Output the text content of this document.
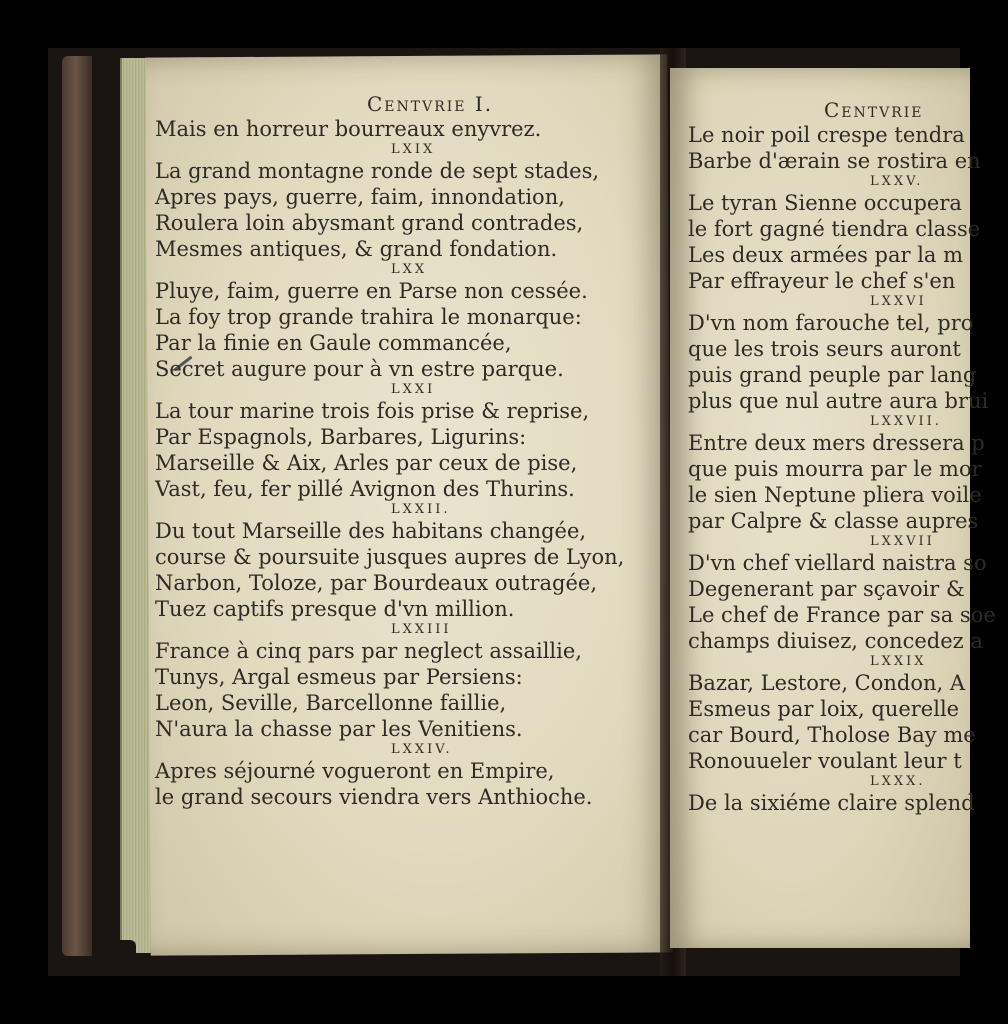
Centvrie I.
Mais en horreur bourreaux enyvrez.
LXIX
La grand montagne ronde de sept stades,
Apres pays, guerre, faim, innondation,
Roulera loin abysmant grand contrades,
Mesmes antiques, & grand fondation.
LXX
Pluye, faim, guerre en Parse non cessée.
La foy trop grande trahira le monarque:
Par la finie en Gaule commancée,
Secret augure pour à vn estre parque.
LXXI
La tour marine trois fois prise & reprise,
Par Espagnols, Barbares, Ligurins:
Marseille & Aix, Arles par ceux de pise,
Vast, feu, fer pillé Avignon des Thurins.
LXXII.
Du tout Marseille des habitans changée,
course & poursuite jusques aupres de Lyon,
Narbon, Toloze, par Bourdeaux outragée,
Tuez captifs presque d'vn million.
LXXIII
France à cinq pars par neglect assaillie,
Tunys, Argal esmeus par Persiens:
Leon, Seville, Barcellonne faillie,
N'aura la chasse par les Venitiens.
LXXIV.
Apres séjourné vogueront en Empire,
le grand secours viendra vers Anthioche.
Centvrie
Le noir poil crespe tendra
Barbe d'ærain se rostira en
LXXV.
Le tyran Sienne occupera
le fort gagné tiendra classe
Les deux armées par la m
Par effrayeur le chef s'en
LXXVI
D'vn nom farouche tel, pro
que les trois seurs auront
puis grand peuple par lang
plus que nul autre aura brui
LXXVII.
Entre deux mers dressera p
que puis mourra par le mor
le sien Neptune pliera voile
par Calpre & classe aupres
LXXVII
D'vn chef viellard naistra so
Degenerant par sçavoir &
Le chef de France par sa soe
champs diuisez, concedez a
LXXIX
Bazar, Lestore, Condon, A
Esmeus par loix, querelle
car Bourd, Tholose Bay me
Ronouueler voulant leur t
LXXX.
De la sixiéme claire splend
